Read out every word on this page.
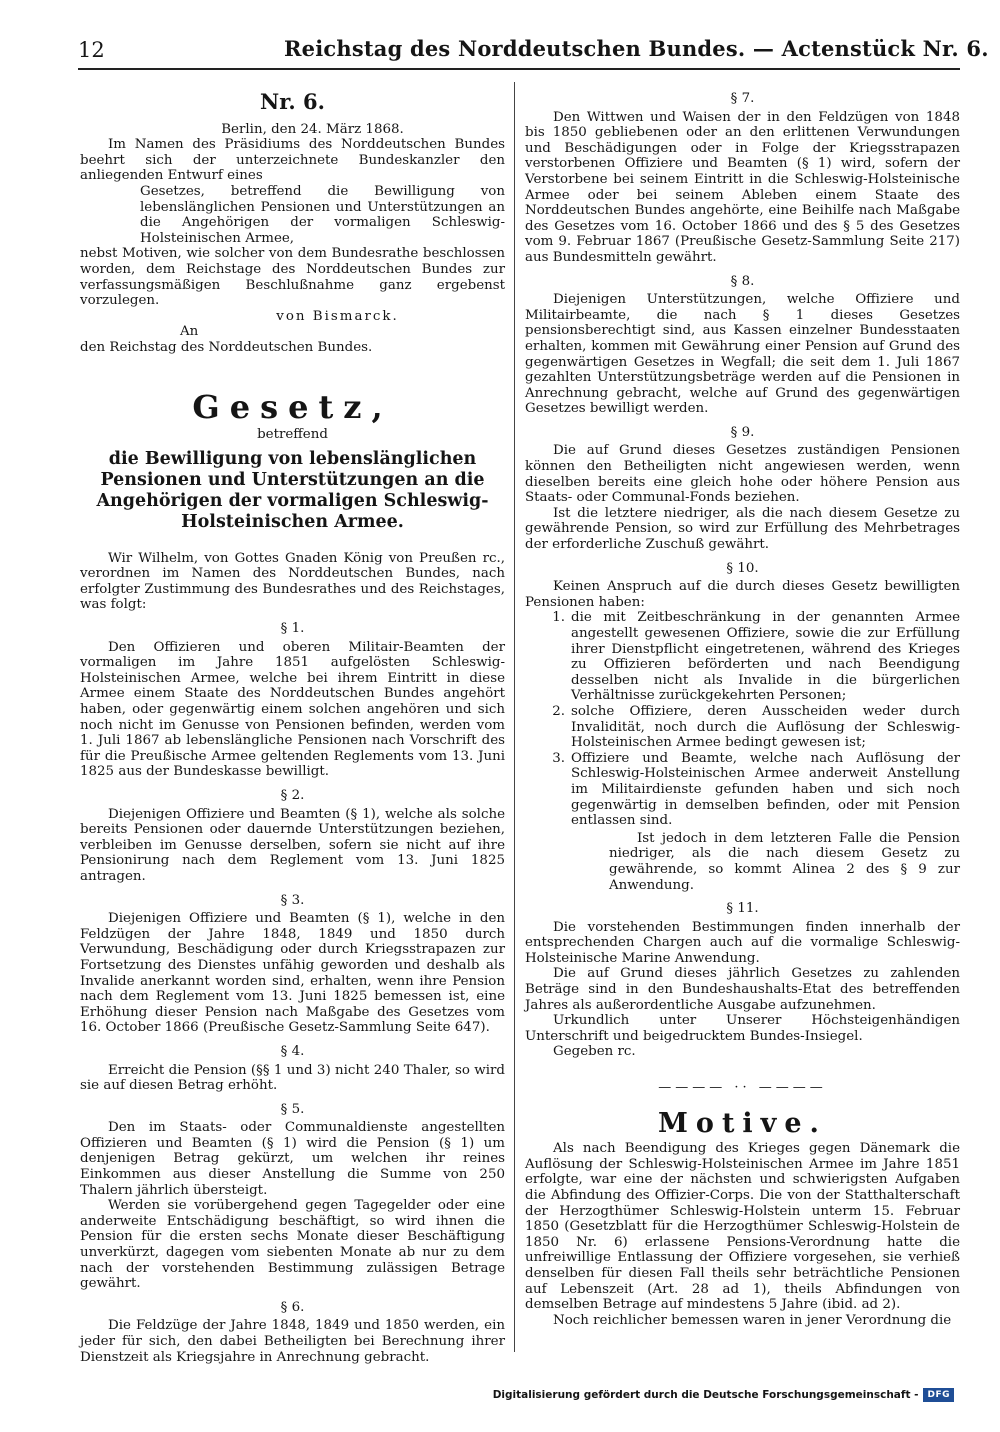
12	Reichstag des Norddeutschen Bundes. — Actenstück Nr. 6.
Nr. 6.

Berlin, den 24. März 1868.

Im Namen des Präsidiums des Norddeutschen Bundes beehrt sich der unterzeichnete Bundeskanzler den anliegenden Entwurf eines

Gesetzes, betreffend die Bewilligung von lebenslänglichen Pensionen und Unterstützungen an die Angehörigen der vormaligen Schleswig-Holsteinischen Armee,

nebst Motiven, wie solcher von dem Bundesrathe beschlossen worden, dem Reichstage des Norddeutschen Bundes zur verfassungsmäßigen Beschlußnahme ganz ergebenst vorzulegen.

von Bismarck.

An
den Reichstag des Norddeutschen Bundes.
Gesetz,
betreffend
die Bewilligung von lebenslänglichen Pensionen und Unterstützungen an die Angehörigen der vormaligen Schleswig-Holsteinischen Armee.

Wir Wilhelm, von Gottes Gnaden König von Preußen rc., verordnen im Namen des Norddeutschen Bundes, nach erfolgter Zustimmung des Bundesrathes und des Reichstages, was folgt:

§ 1.

Den Offizieren und oberen Militair-Beamten der vormaligen im Jahre 1851 aufgelösten Schleswig-Holsteinischen Armee, welche bei ihrem Eintritt in diese Armee einem Staate des Norddeutschen Bundes angehört haben, oder gegenwärtig einem solchen angehören und sich noch nicht im Genusse von Pensionen befinden, werden vom 1. Juli 1867 ab lebenslängliche Pensionen nach Vorschrift des für die Preußische Armee geltenden Reglements vom 13. Juni 1825 aus der Bundeskasse bewilligt.

§ 2.

Diejenigen Offiziere und Beamten (§ 1), welche als solche bereits Pensionen oder dauernde Unterstützungen beziehen, verbleiben im Genusse derselben, sofern sie nicht auf ihre Pensionirung nach dem Reglement vom 13. Juni 1825 antragen.

§ 3.

Diejenigen Offiziere und Beamten (§ 1), welche in den Feldzügen der Jahre 1848, 1849 und 1850 durch Verwundung, Beschädigung oder durch Kriegsstrapazen zur Fortsetzung des Dienstes unfähig geworden und deshalb als Invalide anerkannt worden sind, erhalten, wenn ihre Pension nach dem Reglement vom 13. Juni 1825 bemessen ist, eine Erhöhung dieser Pension nach Maßgabe des Gesetzes vom 16. October 1866 (Preußische Gesetz-Sammlung Seite 647).

§ 4.

Erreicht die Pension (§§ 1 und 3) nicht 240 Thaler, so wird sie auf diesen Betrag erhöht.

§ 5.

Den im Staats- oder Communaldienste angestellten Offizieren und Beamten (§ 1) wird die Pension (§ 1) um denjenigen Betrag gekürzt, um welchen ihr reines Einkommen aus dieser Anstellung die Summe von 250 Thalern jährlich übersteigt.

Werden sie vorübergehend gegen Tagegelder oder eine anderweite Entschädigung beschäftigt, so wird ihnen die Pension für die ersten sechs Monate dieser Beschäftigung unverkürzt, dagegen vom siebenten Monate ab nur zu dem nach der vorstehenden Bestimmung zulässigen Betrage gewährt.

§ 6.

Die Feldzüge der Jahre 1848, 1849 und 1850 werden, ein jeder für sich, den dabei Betheiligten bei Berechnung ihrer Dienstzeit als Kriegsjahre in Anrechnung gebracht.

§ 7.

Den Wittwen und Waisen der in den Feldzügen von 1848 bis 1850 gebliebenen oder an den erlittenen Verwundungen und Beschädigungen oder in Folge der Kriegsstrapazen verstorbenen Offiziere und Beamten (§ 1) wird, sofern der Verstorbene bei seinem Eintritt in die Schleswig-Holsteinische Armee oder bei seinem Ableben einem Staate des Norddeutschen Bundes angehörte, eine Beihilfe nach Maßgabe des Gesetzes vom 16. October 1866 und des § 5 des Gesetzes vom 9. Februar 1867 (Preußische Gesetz-Sammlung Seite 217) aus Bundesmitteln gewährt.

§ 8.

Diejenigen Unterstützungen, welche Offiziere und Militairbeamte, die nach § 1 dieses Gesetzes pensionsberechtigt sind, aus Kassen einzelner Bundesstaaten erhalten, kommen mit Gewährung einer Pension auf Grund des gegenwärtigen Gesetzes in Wegfall; die seit dem 1. Juli 1867 gezahlten Unterstützungsbeträge werden auf die Pensionen in Anrechnung gebracht, welche auf Grund des gegenwärtigen Gesetzes bewilligt werden.

§ 9.

Die auf Grund dieses Gesetzes zuständigen Pensionen können den Betheiligten nicht angewiesen werden, wenn dieselben bereits eine gleich hohe oder höhere Pension aus Staats- oder Communal-Fonds beziehen.

Ist die letztere niedriger, als die nach diesem Gesetze zu gewährende Pension, so wird zur Erfüllung des Mehrbetrages der erforderliche Zuschuß gewährt.

§ 10.

Keinen Anspruch auf die durch dieses Gesetz bewilligten Pensionen haben:

1. die mit Zeitbeschränkung in der genannten Armee angestellt gewesenen Offiziere, sowie die zur Erfüllung ihrer Dienstpflicht eingetretenen, während des Krieges zu Offizieren beförderten und nach Beendigung desselben nicht als Invalide in die bürgerlichen Verhältnisse zurückgekehrten Personen;
2. solche Offiziere, deren Ausscheiden weder durch Invalidität, noch durch die Auflösung der Schleswig-Holsteinischen Armee bedingt gewesen ist;
3. Offiziere und Beamte, welche nach Auflösung der Schleswig-Holsteinischen Armee anderweit Anstellung im Militairdienste gefunden haben und sich noch gegenwärtig in demselben befinden, oder mit Pension entlassen sind.

Ist jedoch in dem letzteren Falle die Pension niedriger, als die nach diesem Gesetz zu gewährende, so kommt Alinea 2 des § 9 zur Anwendung.

§ 11.

Die vorstehenden Bestimmungen finden innerhalb der entsprechenden Chargen auch auf die vormalige Schleswig-Holsteinische Marine Anwendung.

Die auf Grund dieses jährlich Gesetzes zu zahlenden Beträge sind in den Bundeshaushalts-Etat des betreffenden Jahres als außerordentliche Ausgabe aufzunehmen.

Urkundlich unter Unserer Höchsteigenhändigen Unterschrift und beigedrucktem Bundes-Insiegel.

Gegeben rc.

———— ·· ————
Motive.

Als nach Beendigung des Krieges gegen Dänemark die Auflösung der Schleswig-Holsteinischen Armee im Jahre 1851 erfolgte, war eine der nächsten und schwierigsten Aufgaben die Abfindung des Offizier-Corps. Die von der Statthalterschaft der Herzogthümer Schleswig-Holstein unterm 15. Februar 1850 (Gesetzblatt für die Herzogthümer Schleswig-Holstein de 1850 Nr. 6) erlassene Pensions-Verordnung hatte die unfreiwillige Entlassung der Offiziere vorgesehen, sie verhieß denselben für diesen Fall theils sehr beträchtliche Pensionen auf Lebenszeit (Art. 28 ad 1), theils Abfindungen von demselben Betrage auf mindestens 5 Jahre (ibid. ad 2).

Noch reichlicher bemessen waren in jener Verordnung die

Digitalisierung gefördert durch die Deutsche Forschungsgemeinschaft -	DFG
